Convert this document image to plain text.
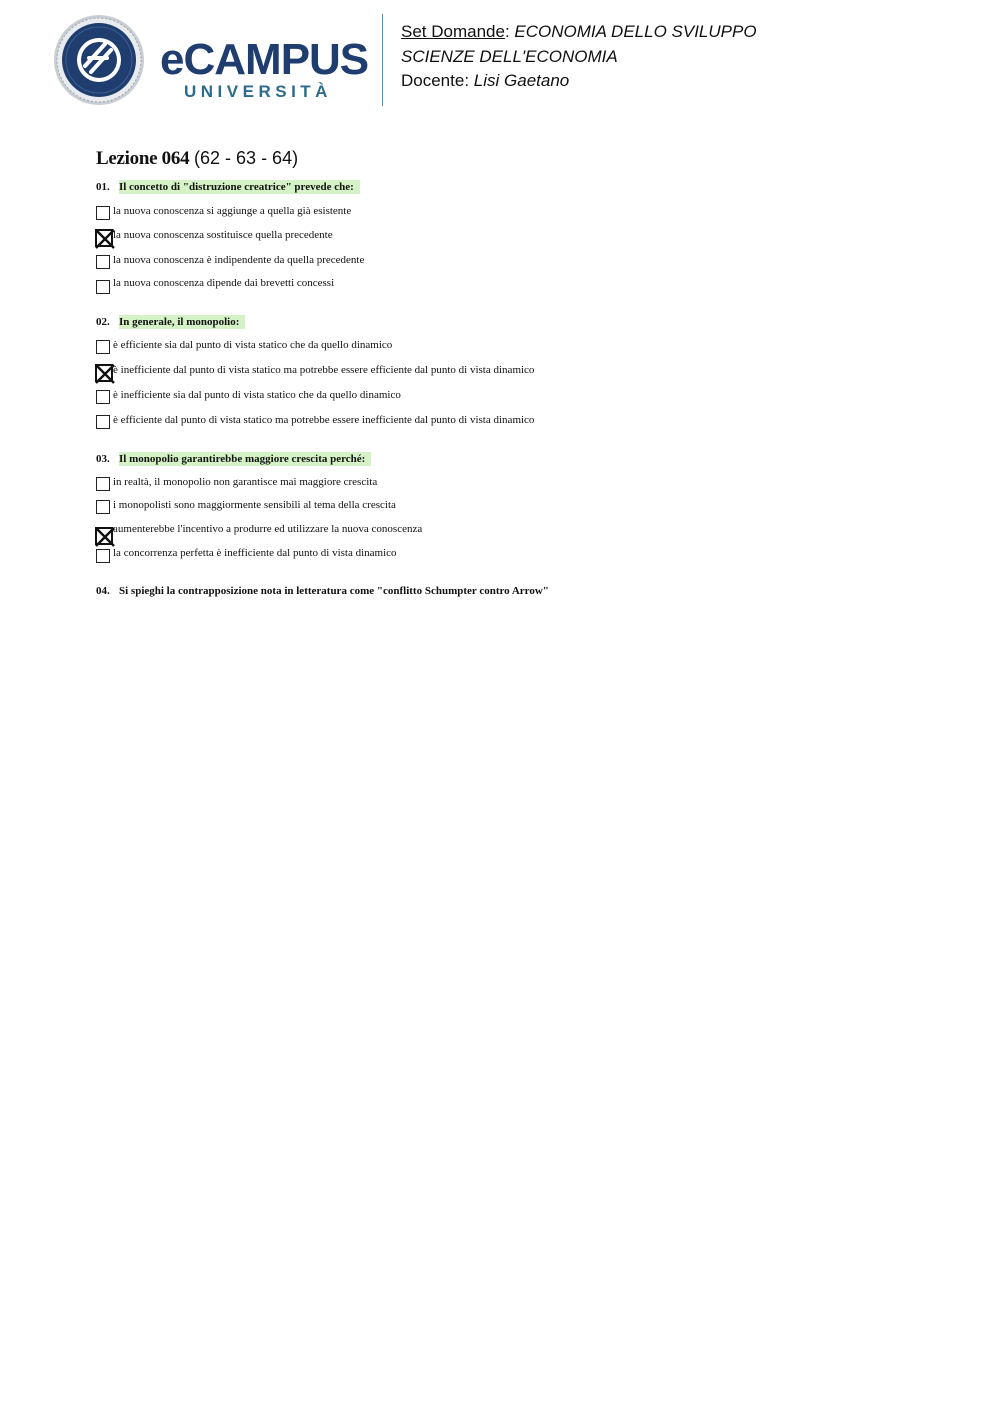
eCAMPUS
UNIVERSITÀ
Set Domande: ECONOMIA DELLO SVILUPPO
SCIENZE DELL'ECONOMIA
Docente: Lisi Gaetano
Lezione 064 (62 - 63 - 64)
01. Il concetto di "distruzione creatrice" prevede che:
la nuova conoscenza si aggiunge a quella già esistente
la nuova conoscenza sostituisce quella precedente
la nuova conoscenza è indipendente da quella precedente
la nuova conoscenza dipende dai brevetti concessi
02. In generale, il monopolio:
è efficiente sia dal punto di vista statico che da quello dinamico
è inefficiente dal punto di vista statico ma potrebbe essere efficiente dal punto di vista dinamico
è inefficiente sia dal punto di vista statico che da quello dinamico
è efficiente dal punto di vista statico ma potrebbe essere inefficiente dal punto di vista dinamico
03. Il monopolio garantirebbe maggiore crescita perché:
in realtà, il monopolio non garantisce mai maggiore crescita
i monopolisti sono maggiormente sensibili al tema della crescita
aumenterebbe l'incentivo a produrre ed utilizzare la nuova conoscenza
la concorrenza perfetta è inefficiente dal punto di vista dinamico
04. Si spieghi la contrapposizione nota in letteratura come "conflitto Schumpter contro Arrow"
